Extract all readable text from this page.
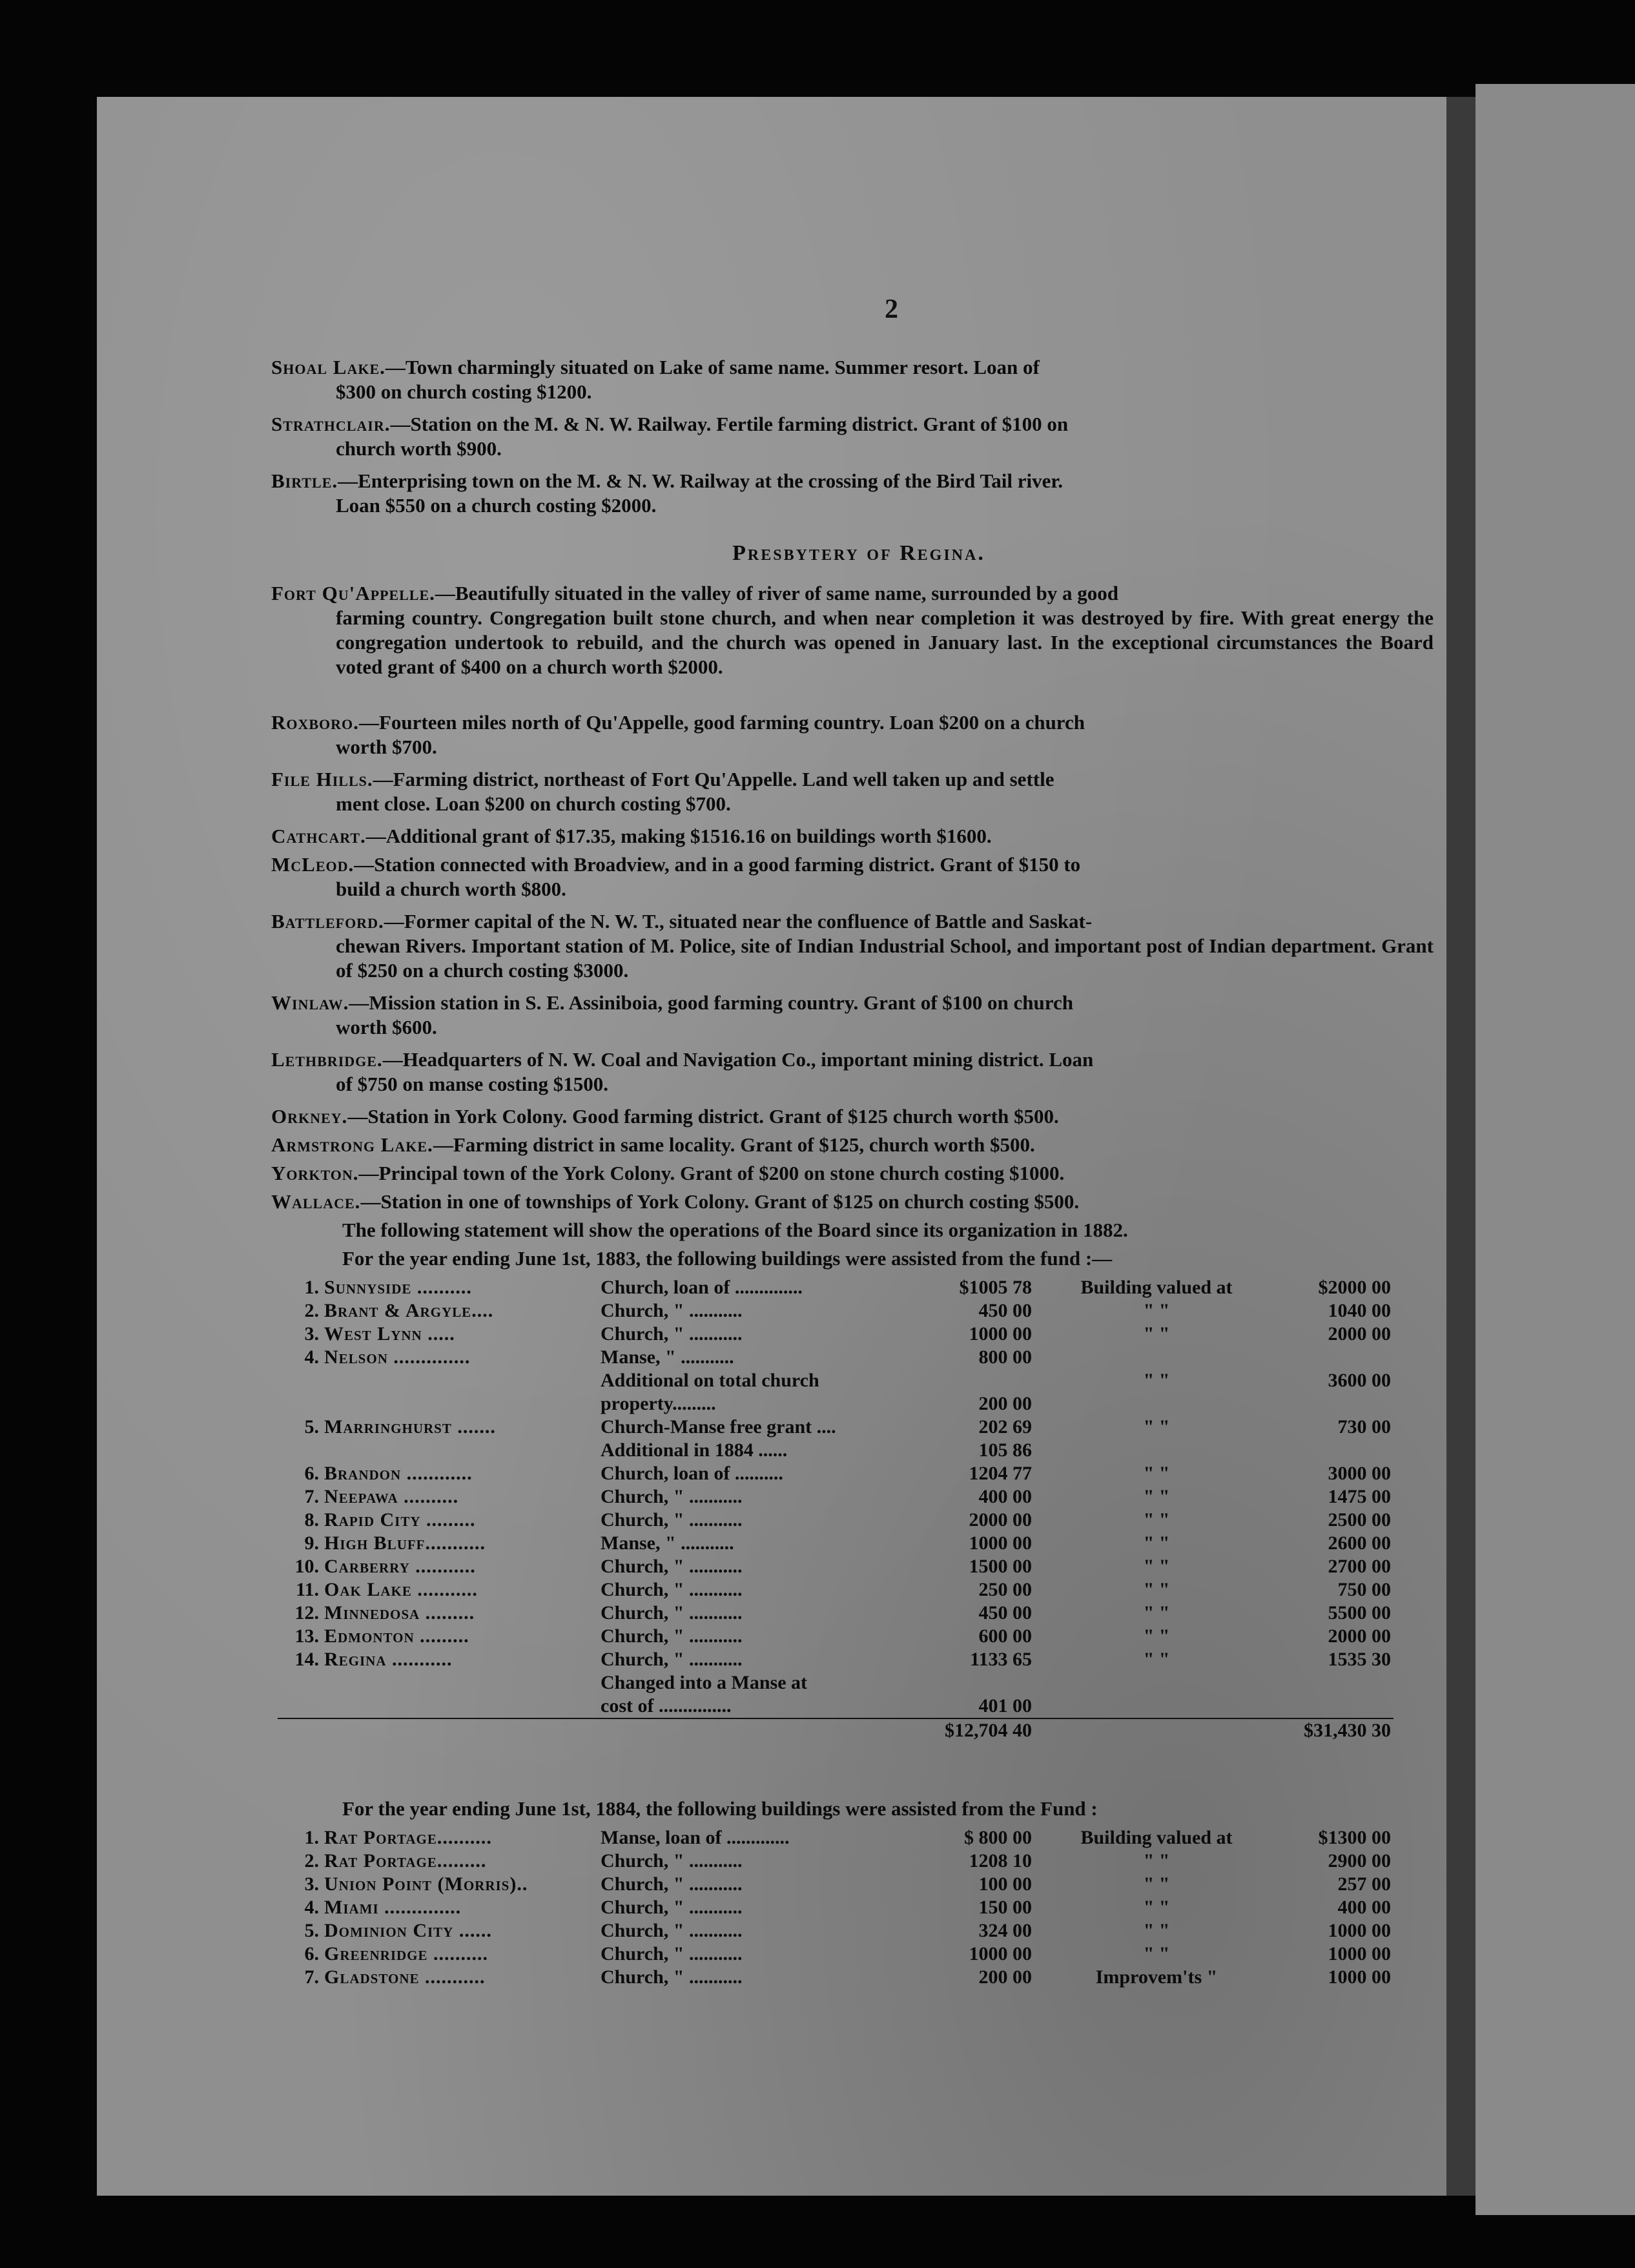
2
Shoal Lake.—Town charmingly situated on Lake of same name. Summer resort. Loan of
$300 on church costing $1200.
Strathclair.—Station on the M. & N. W. Railway. Fertile farming district. Grant of $100 on
church worth $900.
Birtle.—Enterprising town on the M. & N. W. Railway at the crossing of the Bird Tail river.
Loan $550 on a church costing $2000.
Presbytery of Regina.
Fort Qu'Appelle.—Beautifully situated in the valley of river of same name, surrounded by a good
farming country. Congregation built stone church, and when near completion it was destroyed by fire. With great energy the congregation undertook to rebuild, and the church was opened in January last. In the exceptional circumstances the Board voted grant of $400 on a church worth $2000.
Roxboro.—Fourteen miles north of Qu'Appelle, good farming country. Loan $200 on a church
worth $700.
File Hills.—Farming district, northeast of Fort Qu'Appelle. Land well taken up and settle
ment close. Loan $200 on church costing $700.
Cathcart.—Additional grant of $17.35, making $1516.16 on buildings worth $1600.
McLeod.—Station connected with Broadview, and in a good farming district. Grant of $150 to
build a church worth $800.
Battleford.—Former capital of the N. W. T., situated near the confluence of Battle and Saskat-
chewan Rivers. Important station of M. Police, site of Indian Industrial School, and important post of Indian department. Grant of $250 on a church costing $3000.
Winlaw.—Mission station in S. E. Assiniboia, good farming country. Grant of $100 on church
worth $600.
Lethbridge.—Headquarters of N. W. Coal and Navigation Co., important mining district. Loan
of $750 on manse costing $1500.
Orkney.—Station in York Colony. Good farming district. Grant of $125 church worth $500.
Armstrong Lake.—Farming district in same locality. Grant of $125, church worth $500.
Yorkton.—Principal town of the York Colony. Grant of $200 on stone church costing $1000.
Wallace.—Station in one of townships of York Colony. Grant of $125 on church costing $500.
The following statement will show the operations of the Board since its organization in 1882.
For the year ending June 1st, 1883, the following buildings were assisted from the fund :—
1.	Sunnyside ..........	Church, loan of ..............	$1005 78	Building valued at	$2000 00
2.	Brant & Argyle....	Church, " ...........	450 00	" "	1040 00
3.	West Lynn .....	Church, " ...........	1000 00	" "	2000 00
4.	Nelson ..............	Manse, " ...........	800 00		
		Additional on total church		" "	3600 00
		property.........	200 00		
5.	Marringhurst .......	Church-Manse free grant ....	202 69	" "	730 00
		Additional in 1884 ......	105 86		
6.	Brandon ............	Church, loan of ..........	1204 77	" "	3000 00
7.	Neepawa ..........	Church, " ...........	400 00	" "	1475 00
8.	Rapid City .........	Church, " ...........	2000 00	" "	2500 00
9.	High Bluff...........	Manse, " ...........	1000 00	" "	2600 00
10.	Carberry ...........	Church, " ...........	1500 00	" "	2700 00
11.	Oak Lake ...........	Church, " ...........	250 00	" "	750 00
12.	Minnedosa .........	Church, " ...........	450 00	" "	5500 00
13.	Edmonton .........	Church, " ...........	600 00	" "	2000 00
14.	Regina ...........	Church, " ...........	1133 65	" "	1535 30
		Changed into a Manse at			
		cost of ...............	401 00		
			$12,704 40		$31,430 30
For the year ending June 1st, 1884, the following buildings were assisted from the Fund :
1.	Rat Portage..........	Manse, loan of .............	$ 800 00	Building valued at	$1300 00
2.	Rat Portage.........	Church, " ...........	1208 10	" "	2900 00
3.	Union Point (Morris)..	Church, " ...........	100 00	" "	257 00
4.	Miami ..............	Church, " ...........	150 00	" "	400 00
5.	Dominion City ......	Church, " ...........	324 00	" "	1000 00
6.	Greenridge ..........	Church, " ...........	1000 00	" "	1000 00
7.	Gladstone ...........	Church, " ...........	200 00	Improvem'ts "	1000 00
